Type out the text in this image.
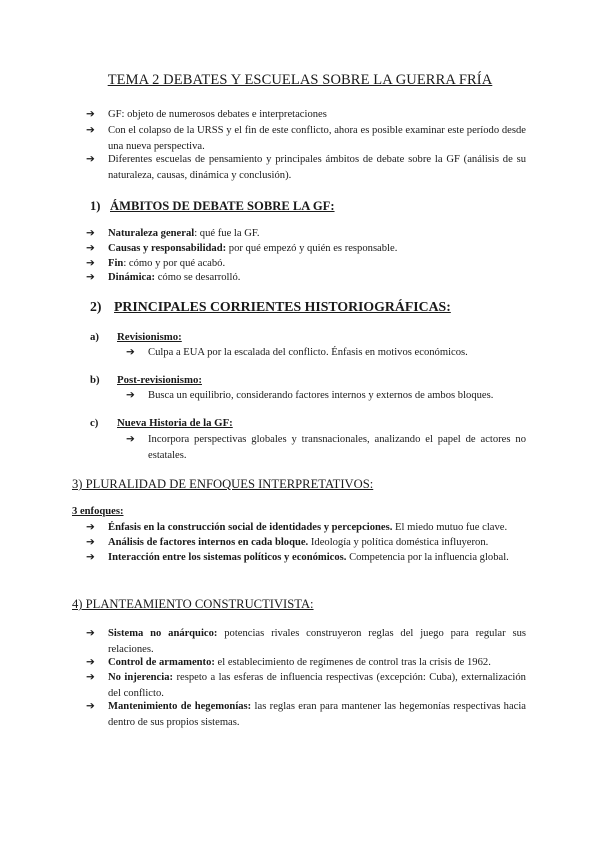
TEMA 2 DEBATES Y ESCUELAS SOBRE LA GUERRA FRÍA
➔	GF: objeto de numerosos debates e interpretaciones
➔	Con el colapso de la URSS y el fin de este conflicto, ahora es posible examinar este período desde una nueva perspectiva.
➔	Diferentes escuelas de pensamiento y principales ámbitos de debate sobre la GF (análisis de su naturaleza, causas, dinámica y conclusión).
1) ÁMBITOS DE DEBATE SOBRE LA GF:
➔	Naturaleza general: qué fue la GF.
➔	Causas y responsabilidad: por qué empezó y quién es responsable.
➔	Fin: cómo y por qué acabó.
➔	Dinámica: cómo se desarrolló.
2) PRINCIPALES CORRIENTES HISTORIOGRÁFICAS:
a) Revisionismo:
➔	Culpa a EUA por la escalada del conflicto. Énfasis en motivos económicos.
b) Post-revisionismo:
➔	Busca un equilibrio, considerando factores internos y externos de ambos bloques.
c) Nueva Historia de la GF:
➔	Incorpora perspectivas globales y transnacionales, analizando el papel de actores no estatales.
3) PLURALIDAD DE ENFOQUES INTERPRETATIVOS:
3 enfoques:
➔	Énfasis en la construcción social de identidades y percepciones. El miedo mutuo fue clave.
➔	Análisis de factores internos en cada bloque. Ideología y política doméstica influyeron.
➔	Interacción entre los sistemas políticos y económicos. Competencia por la influencia global.
4) PLANTEAMIENTO CONSTRUCTIVISTA:
➔	Sistema no anárquico: potencias rivales construyeron reglas del juego para regular sus relaciones.
➔	Control de armamento: el establecimiento de regímenes de control tras la crisis de 1962.
➔	No injerencia: respeto a las esferas de influencia respectivas (excepción: Cuba), externalización del conflicto.
➔	Mantenimiento de hegemonías: las reglas eran para mantener las hegemonías respectivas hacia dentro de sus propios sistemas.
